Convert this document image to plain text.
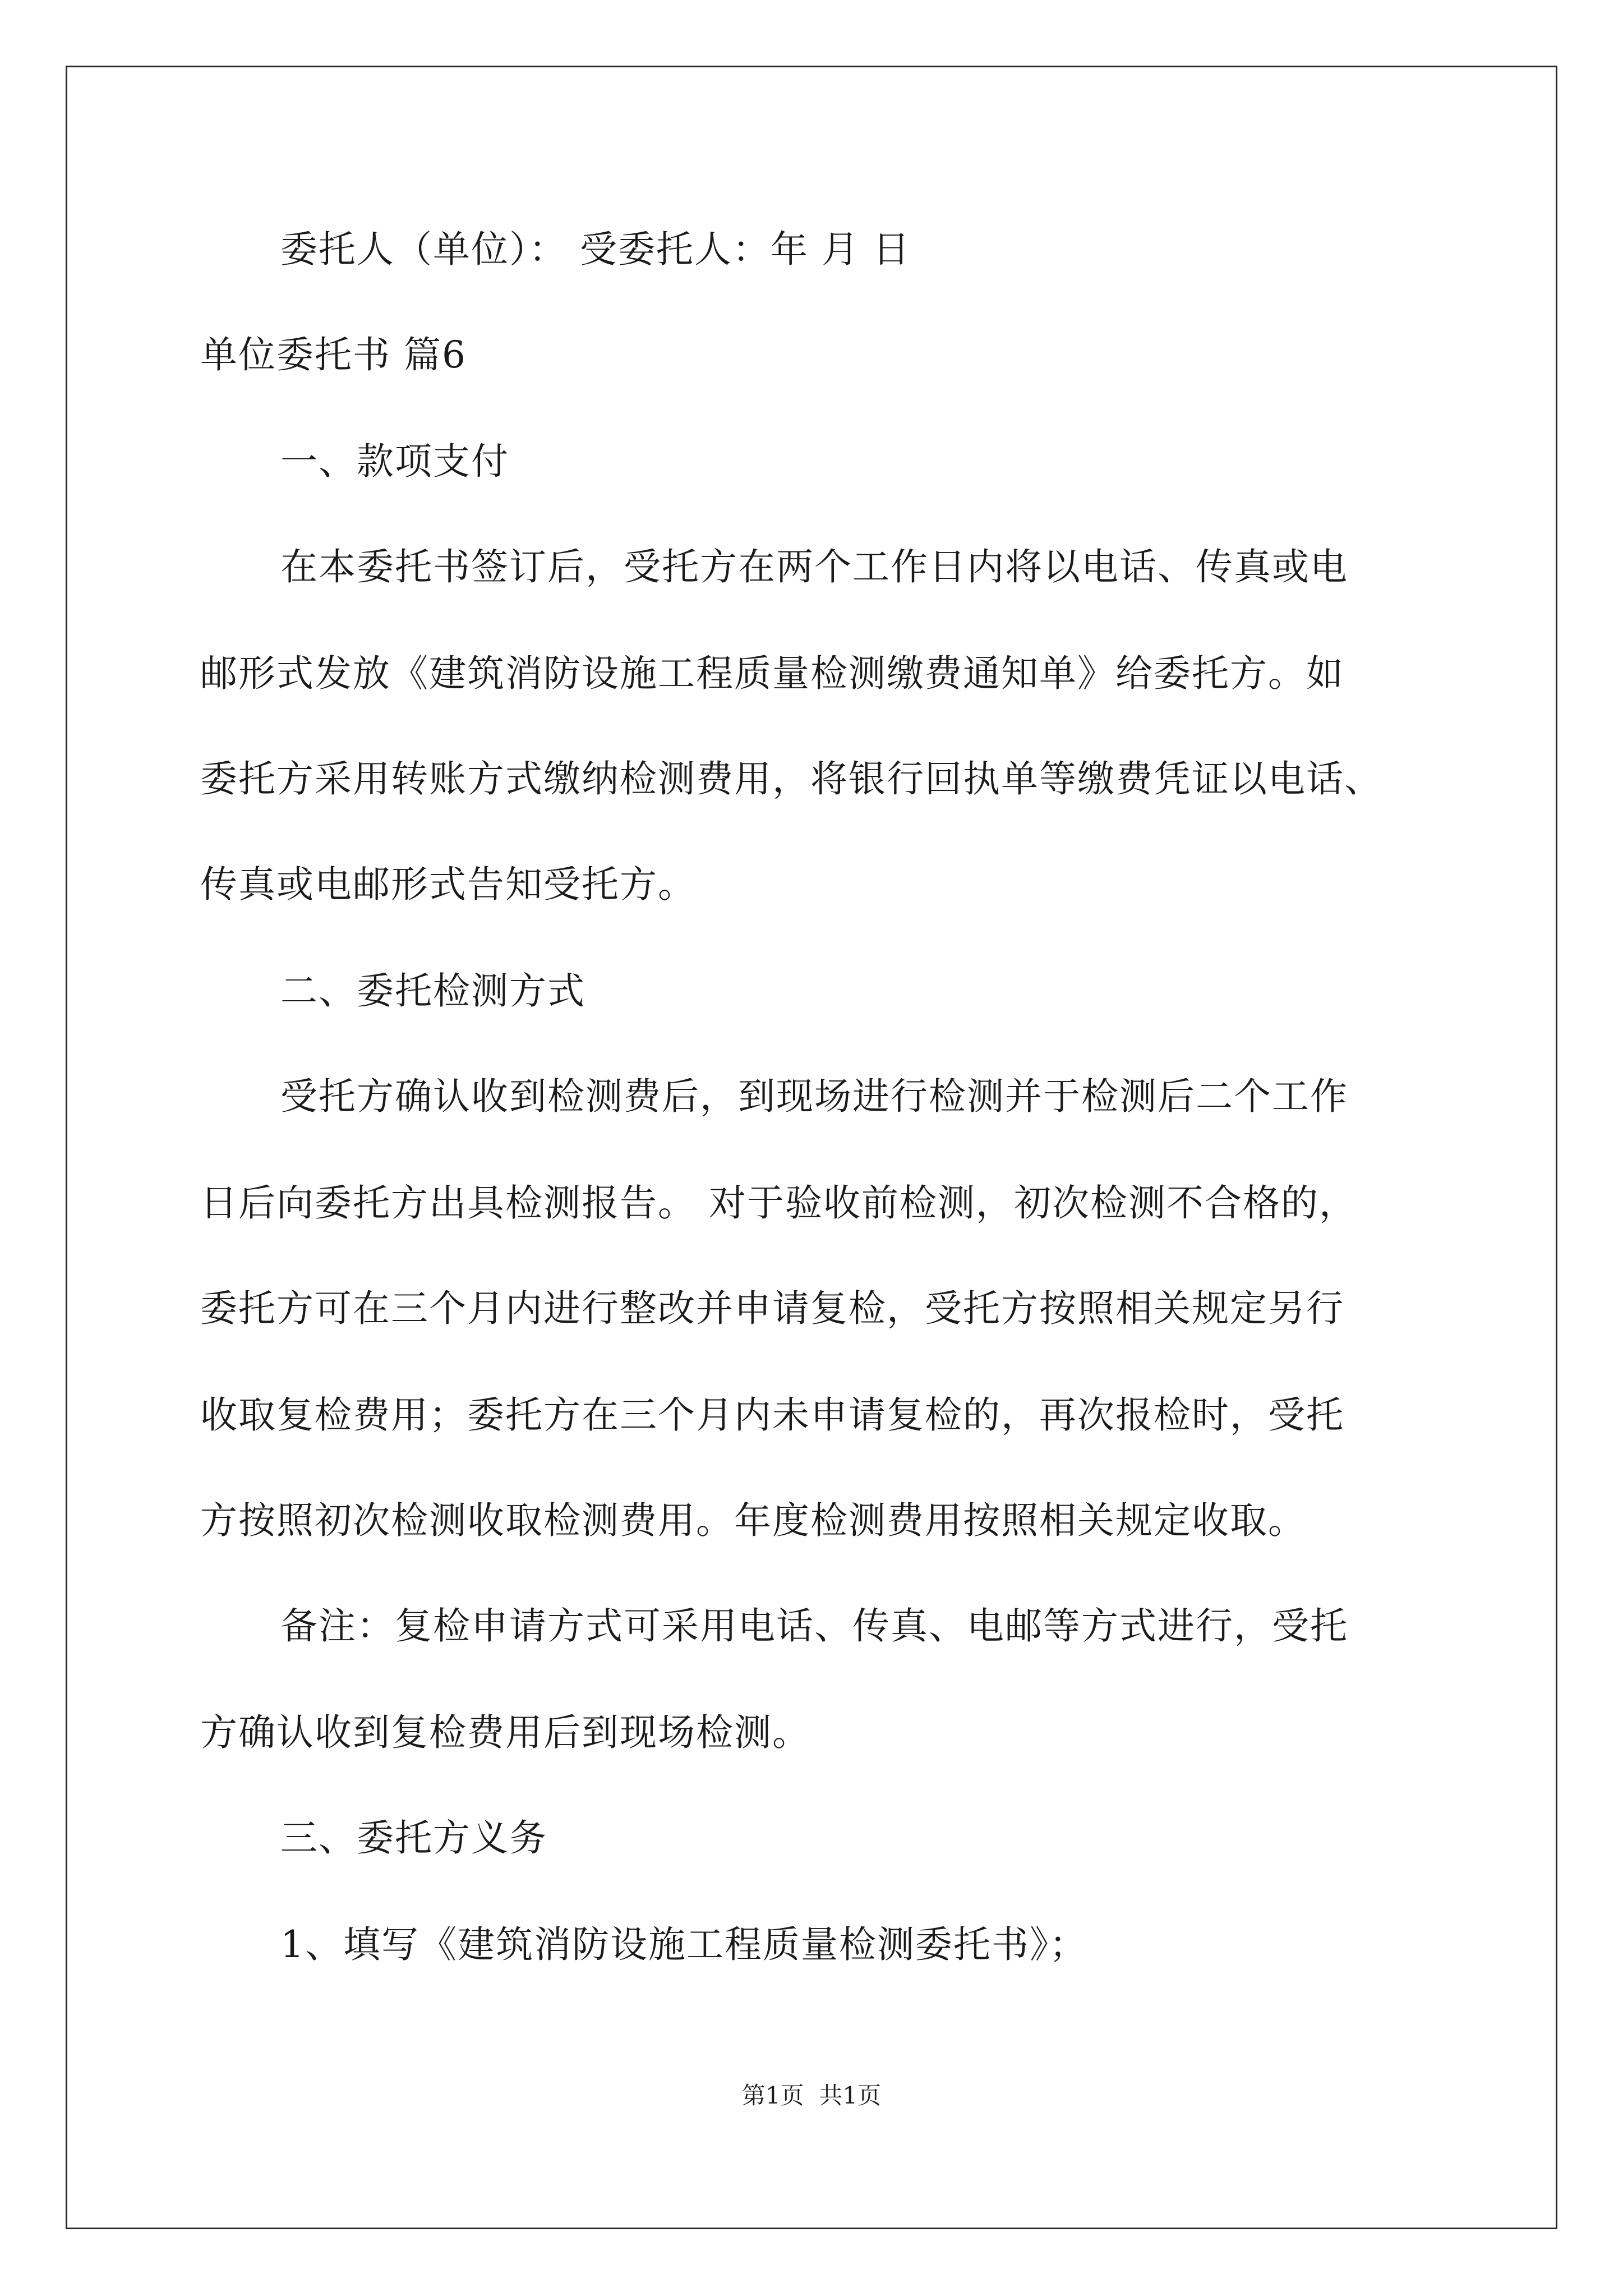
委托人（单位）： 受委托人：年 月 日
单位委托书 篇6
一、款项支付
在本委托书签订后，受托方在两个工作日内将以电话、传真或电
邮形式发放《建筑消防设施工程质量检测缴费通知单》给委托方。如
委托方采用转账方式缴纳检测费用，将银行回执单等缴费凭证以电话、
传真或电邮形式告知受托方。
二、委托检测方式
受托方确认收到检测费后，到现场进行检测并于检测后二个工作
日后向委托方出具检测报告。 对于验收前检测，初次检测不合格的，
委托方可在三个月内进行整改并申请复检，受托方按照相关规定另行
收取复检费用；委托方在三个月内未申请复检的，再次报检时，受托
方按照初次检测收取检测费用。年度检测费用按照相关规定收取。
备注：复检申请方式可采用电话、传真、电邮等方式进行，受托
方确认收到复检费用后到现场检测。
三、委托方义务
1、填写《建筑消防设施工程质量检测委托书》；
第1页  共1页
